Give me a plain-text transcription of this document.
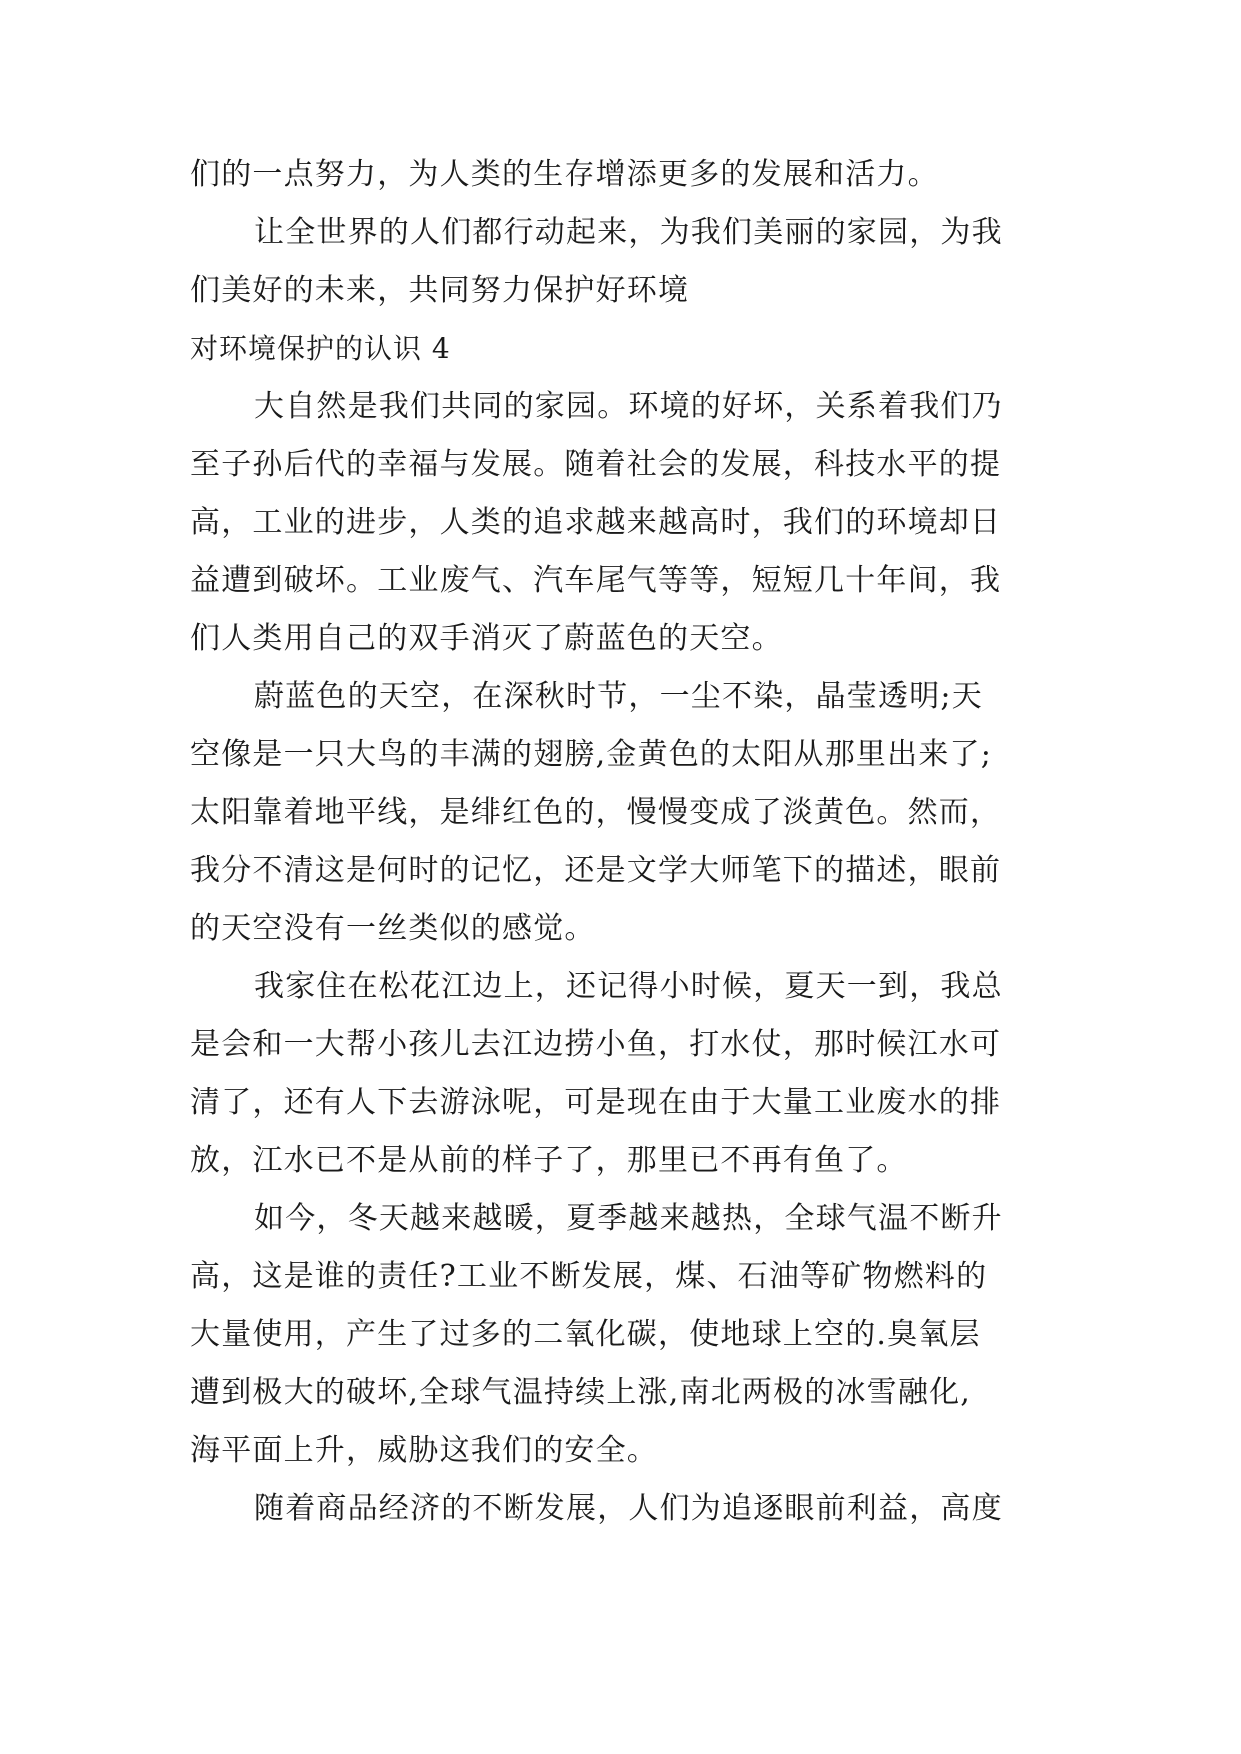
们的一点努力，为人类的生存增添更多的发展和活力。
让全世界的人们都行动起来，为我们美丽的家园，为我
们美好的未来，共同努力保护好环境
对环境保护的认识 4
大自然是我们共同的家园。环境的好坏，关系着我们乃
至子孙后代的幸福与发展。随着社会的发展，科技水平的提
高，工业的进步，人类的追求越来越高时，我们的环境却日
益遭到破坏。工业废气、汽车尾气等等，短短几十年间，我
们人类用自己的双手消灭了蔚蓝色的天空。
蔚蓝色的天空，在深秋时节，一尘不染，晶莹透明;天
空像是一只大鸟的丰满的翅膀,金黄色的太阳从那里出来了;
太阳靠着地平线，是绯红色的，慢慢变成了淡黄色。然而，
我分不清这是何时的记忆，还是文学大师笔下的描述，眼前
的天空没有一丝类似的感觉。
我家住在松花江边上，还记得小时候，夏天一到，我总
是会和一大帮小孩儿去江边捞小鱼，打水仗，那时候江水可
清了，还有人下去游泳呢，可是现在由于大量工业废水的排
放，江水已不是从前的样子了，那里已不再有鱼了。
如今，冬天越来越暖，夏季越来越热，全球气温不断升
高，这是谁的责任?工业不断发展，煤、石油等矿物燃料的
大量使用，产生了过多的二氧化碳，使地球上空的.臭氧层
遭到极大的破坏,全球气温持续上涨,南北两极的冰雪融化,
海平面上升，威胁这我们的安全。
随着商品经济的不断发展，人们为追逐眼前利益，高度
